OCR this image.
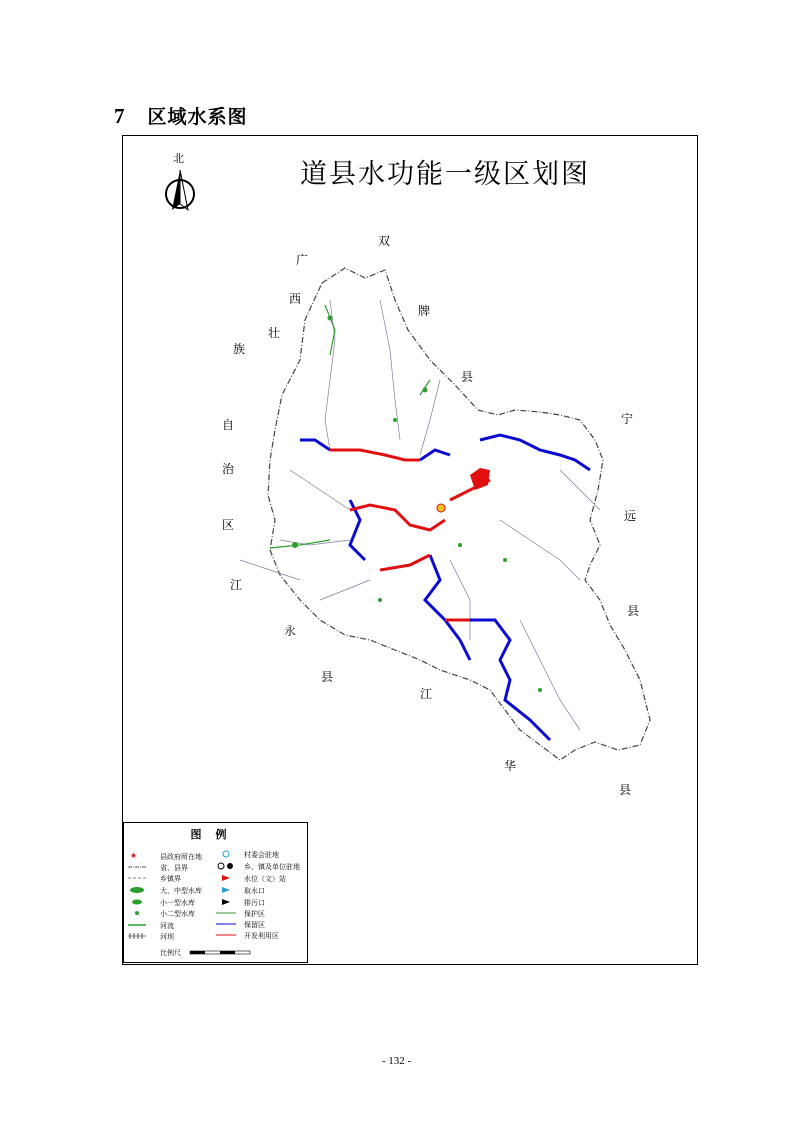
7 区域水系图
北
道县水功能一级区划图
双
牌
县
广
西
壮
族
自
治
区
宁
远
县
江
华
县
江
永
县
图例
★	县政府所在地
省、县界
乡镇界
大、中型水库
小一型水库
小二型水库
河流
河坝
比例尺
村委会驻地
乡、镇及单位驻地
水位（文）站
取水口
排污口
保护区
保留区
开发利用区
- 132 -
